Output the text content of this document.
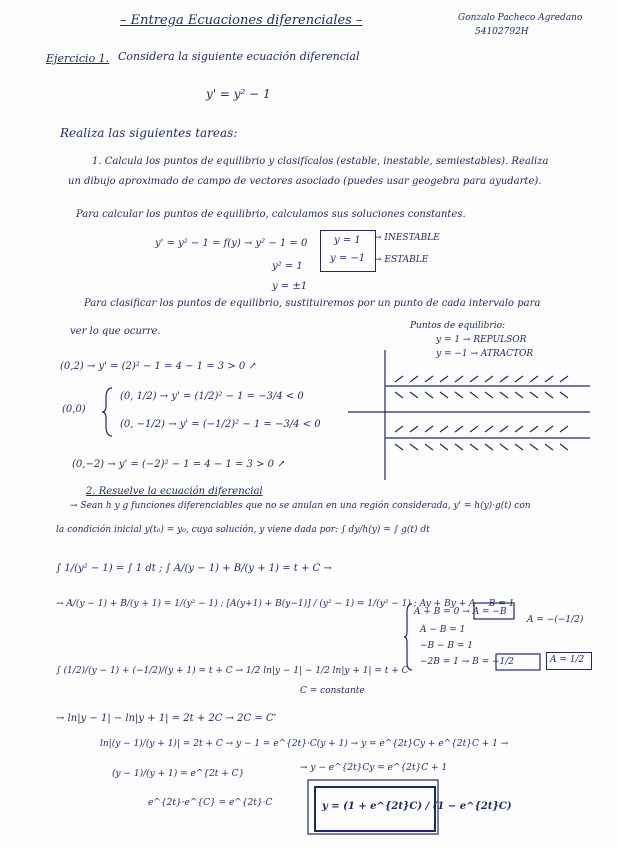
– Entrega Ecuaciones diferenciales –	Gonzalo Pacheco Agredano
54102792H
Ejercicio 1. Considera la siguiente ecuación diferencial
y' = y² − 1
Realiza las siguientes tareas:
1. Calcula los puntos de equilibrio y clasifícalos (estable, inestable, semiestables). Realiza
un dibujo aproximado de campo de vectores asociado (puedes usar geogebra para ayudarte).
Para calcular los puntos de equilibrio, calculamos sus soluciones constantes.
y' = y² − 1 = f(y) → y² − 1 = 0
y² = 1
y = ±1
y = 1
y = −1
→ INESTABLE
→ ESTABLE
Para clasificar los puntos de equilibrio, sustituiremos por un punto de cada intervalo para
ver lo que ocurre.	Puntos de equilibrio:
y = 1 → REPULSOR
y = −1 → ATRACTOR
(0,2) → y' = (2)² − 1 = 4 − 1 = 3 > 0 ↗
(0,0)
(0, 1/2) → y' = (1/2)² − 1 = −3/4 < 0
(0, −1/2) → y' = (−1/2)² − 1 = −3/4 < 0
(0,−2) → y' = (−2)² − 1 = 4 − 1 = 3 > 0 ↗
2. Resuelve la ecuación diferencial
→ Sean h y g funciones diferenciables que no se anulan en una región considerada, y' = h(y)·g(t) con
la condición inicial y(t₀) = y₀, cuya solución, y viene dada por: ∫ dy/h(y) = ∫ g(t) dt
∫ 1/(y² − 1) = ∫ 1 dt ; ∫ A/(y − 1) + B/(y + 1) = t + C →
→ A/(y − 1) + B/(y + 1) = 1/(y² − 1) ; [A(y+1) + B(y−1)] / (y² − 1) = 1/(y² − 1) ; Ay + By + A − B = 1
A + B = 0 → A = −B
A − B = 1
−B − B = 1
−2B = 1 → B = −1/2
A = −(−1/2)
A = 1/2
∫ (1/2)/(y − 1) + (−1/2)/(y + 1) = t + C → 1/2 ln|y − 1| − 1/2 ln|y + 1| = t + C
C = constante
→ ln|y − 1| − ln|y + 1| = 2t + 2C → 2C = C'
ln|(y − 1)/(y + 1)| = 2t + C → y − 1 = e^{2t}·C(y + 1) → y = e^{2t}Cy + e^{2t}C + 1 →
(y − 1)/(y + 1) = e^{2t + C}
e^{2t}·e^{C} = e^{2t}·C
→ y − e^{2t}Cy = e^{2t}C + 1
y = (1 + e^{2t}C) / (1 − e^{2t}C)
